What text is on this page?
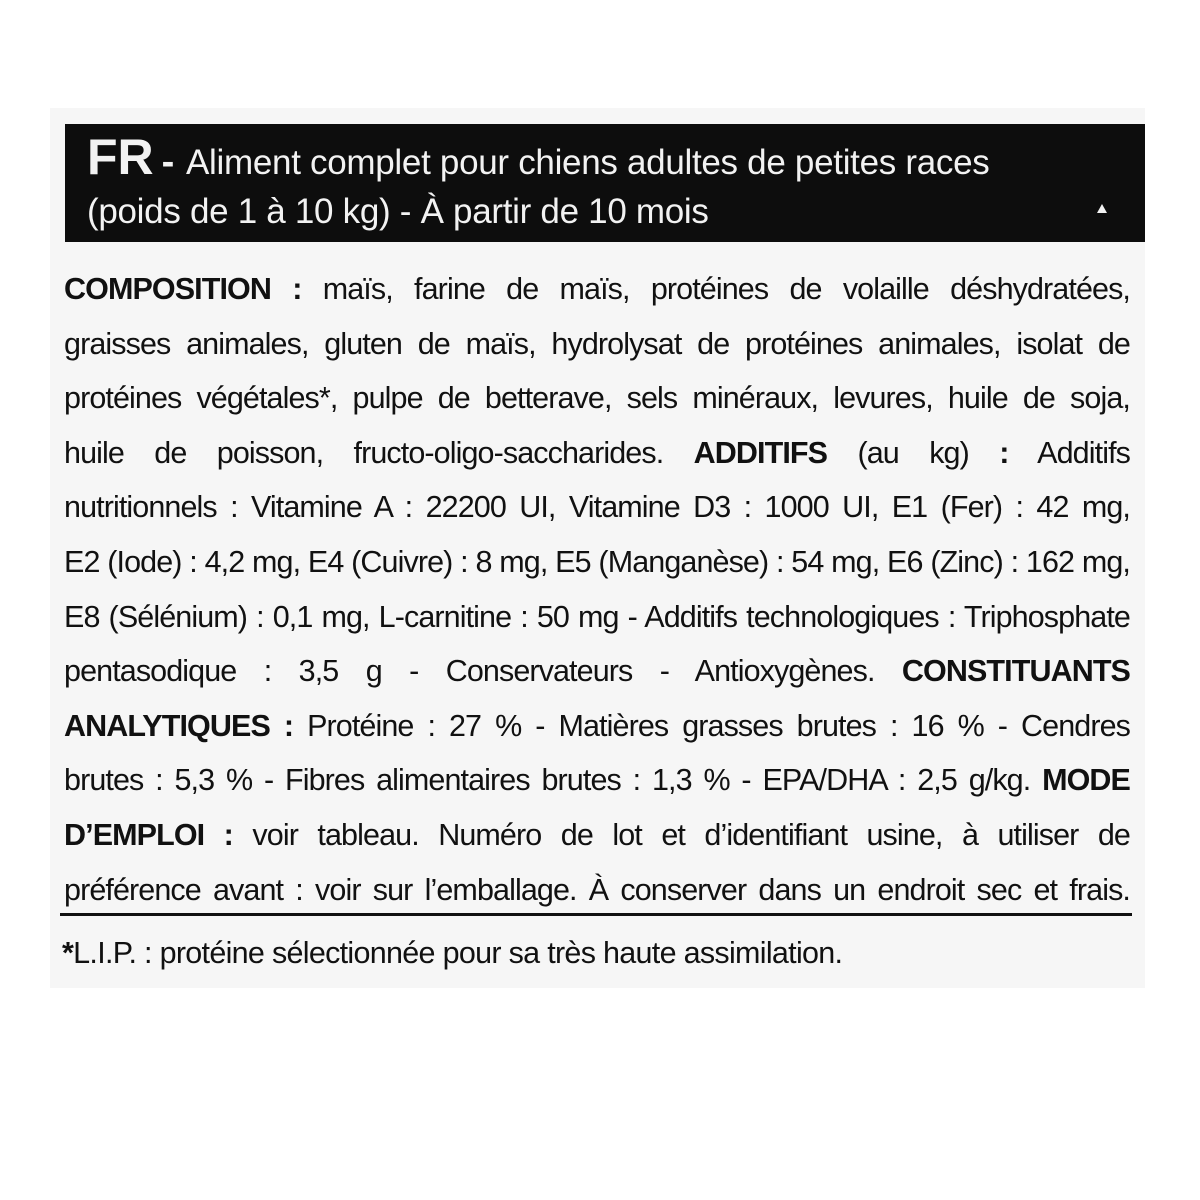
FR - Aliment complet pour chiens adultes de petites races
(poids de 1 à 10 kg) - À partir de 10 mois
COMPOSITION : maïs, farine de maïs, protéines de volaille déshydratées,
graisses animales, gluten de maïs, hydrolysat de protéines animales, isolat de
protéines végétales*, pulpe de betterave, sels minéraux, levures, huile de soja,
huile de poisson, fructo-oligo-saccharides. ADDITIFS (au kg) : Additifs
nutritionnels : Vitamine A : 22200 UI, Vitamine D3 : 1000 UI, E1 (Fer) : 42 mg,
E2 (Iode) : 4,2 mg, E4 (Cuivre) : 8 mg, E5 (Manganèse) : 54 mg, E6 (Zinc) : 162 mg,
E8 (Sélénium) : 0,1 mg, L-carnitine : 50 mg - Additifs technologiques : Triphosphate
pentasodique : 3,5 g - Conservateurs - Antioxygènes. CONSTITUANTS
ANALYTIQUES : Protéine : 27 % - Matières grasses brutes : 16 % - Cendres
brutes : 5,3 % - Fibres alimentaires brutes : 1,3 % - EPA/DHA : 2,5 g/kg. MODE
D’EMPLOI : voir tableau. Numéro de lot et d’identifiant usine, à utiliser de
préférence avant : voir sur l’emballage. À conserver dans un endroit sec et frais.
*L.I.P. : protéine sélectionnée pour sa très haute assimilation.
